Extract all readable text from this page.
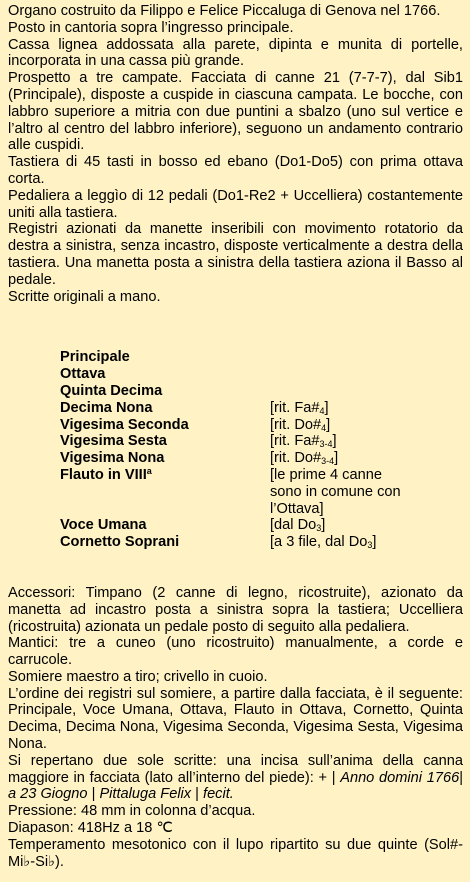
Organo costruito da Filippo e Felice Piccaluga di Genova nel 1766.

Posto in cantoria sopra l’ingresso principale.

Cassa lignea addossata alla parete, dipinta e munita di portelle, incorporata in una cassa più grande.

Prospetto a tre campate. Facciata di canne 21 (7-7-7), dal Sib1 (Principale), disposte a cuspide in ciascuna campata. Le bocche, con labbro superiore a mitria con due puntini a sbalzo (uno sul vertice e l’altro al centro del labbro inferiore), seguono un andamento contrario alle cuspidi.

Tastiera di 45 tasti in bosso ed ebano (Do1-Do5) con prima ottava corta.

Pedaliera a leggìo di 12 pedali (Do1-Re2 + Uccelliera) costantemente uniti alla tastiera.

Registri azionati da manette inseribili con movimento rotatorio da destra a sinistra, senza incastro, disposte verticalmente a destra della tastiera. Una manetta posta a sinistra della tastiera aziona il Basso al pedale.

Scritte originali a mano.

Principale
Ottava
Quinta Decima
Decima Nona	[rit. $Fa\#_4$]
Vigesima Seconda	[rit. $Do\#_4$]
Vigesima Sesta	[rit. $Fa\#_{3-4}$]
Vigesima Nona	[rit. $Do\#_{3-4}$]
Flauto in VIII$^a$	[le prime 4 canne
sono in comune con
l’Ottava]
Voce Umana	[dal $Do_3$]
Cornetto Soprani	[a 3 file, dal $Do_3$]

Accessori: Timpano (2 canne di legno, ricostruite), azionato da manetta ad incastro posta a sinistra sopra la tastiera; Uccelliera (ricostruita) azionata un pedale posto di seguito alla pedaliera.

Mantici: tre a cuneo (uno ricostruito) manualmente, a corde e carrucole.

Somiere maestro a tiro; crivello in cuoio.

L’ordine dei registri sul somiere, a partire dalla facciata, è il seguente: Principale, Voce Umana, Ottava, Flauto in Ottava, Cornetto, Quinta Decima, Decima Nona, Vigesima Seconda, Vigesima Sesta, Vigesima Nona.

Si repertano due sole scritte: una incisa sull’anima della canna maggiore in facciata (lato all’interno del piede): + | Anno domini 1766| a 23 Giogno | Pittaluga Felix | fecit.

Pressione: 48 mm in colonna d’acqua.

Diapason: 418Hz a 18 ℃

Temperamento mesotonico con il lupo ripartito su due quinte (Sol#-Mi♭-Si♭).
